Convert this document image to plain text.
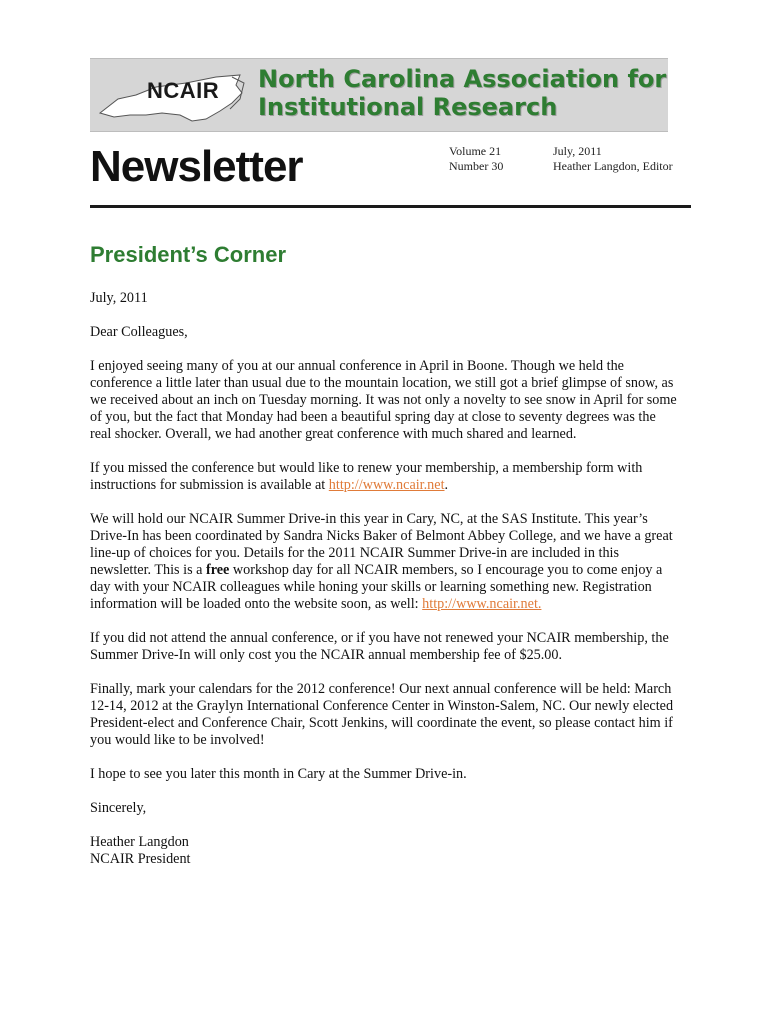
NCAIR North Carolina Association for
Institutional Research
Newsletter	Volume 21
Number 30
July, 2011
Heather Langdon, Editor
President’s Corner

July, 2011

Dear Colleagues,

I enjoyed seeing many of you at our annual conference in April in Boone. Though we held the conference a little later than usual due to the mountain location, we still got a brief glimpse of snow, as we received about an inch on Tuesday morning. It was not only a novelty to see snow in April for some of you, but the fact that Monday had been a beautiful spring day at close to seventy degrees was the real shocker. Overall, we had another great conference with much shared and learned.

If you missed the conference but would like to renew your membership, a membership form with instructions for submission is available at http://www.ncair.net.

We will hold our NCAIR Summer Drive-in this year in Cary, NC, at the SAS Institute. This year’s Drive-In has been coordinated by Sandra Nicks Baker of Belmont Abbey College, and we have a great line-up of choices for you. Details for the 2011 NCAIR Summer Drive-in are included in this newsletter. This is a free workshop day for all NCAIR members, so I encourage you to come enjoy a day with your NCAIR colleagues while honing your skills or learning something new. Registration information will be loaded onto the website soon, as well: http://www.ncair.net.

If you did not attend the annual conference, or if you have not renewed your NCAIR membership, the Summer Drive-In will only cost you the NCAIR annual membership fee of $25.00.

Finally, mark your calendars for the 2012 conference! Our next annual conference will be held: March 12-14, 2012 at the Graylyn International Conference Center in Winston-Salem, NC. Our newly elected President-elect and Conference Chair, Scott Jenkins, will coordinate the event, so please contact him if you would like to be involved!

I hope to see you later this month in Cary at the Summer Drive-in.

Sincerely,

Heather Langdon
NCAIR President
